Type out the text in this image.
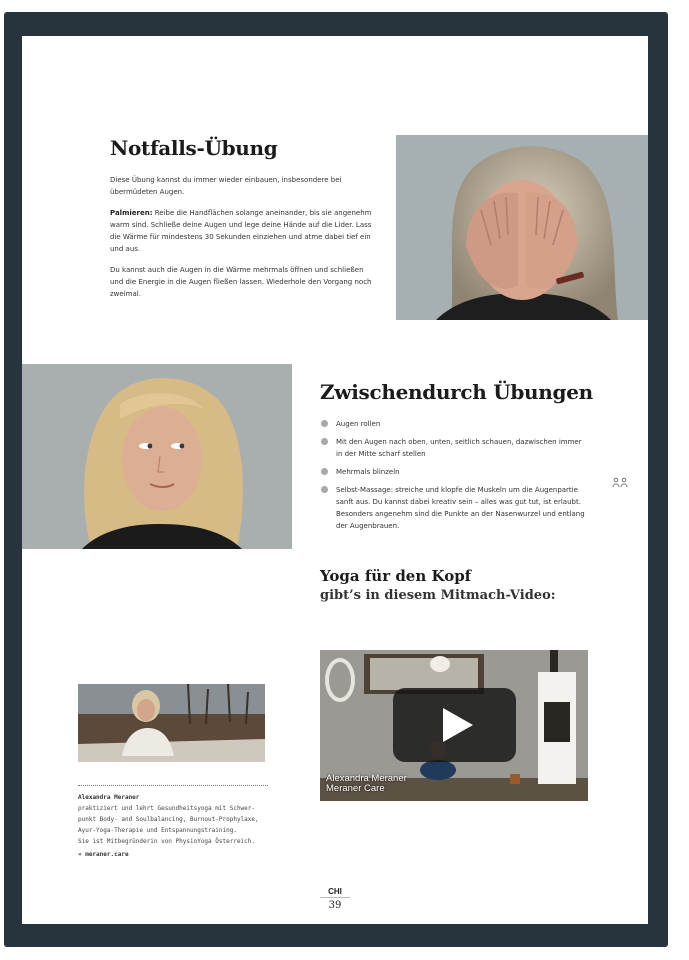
Notfalls-Übung

Diese Übung kannst du immer wieder einbauen, insbesondere bei übermüdeten Augen.

Palmieren: Reibe die Handflächen solange aneinander, bis sie angenehm warm sind. Schließe deine Augen und lege deine Hände auf die Lider. Lass die Wärme für mindestens 30 Sekunden einziehen und atme dabei tief ein und aus.

Du kannst auch die Augen in die Wärme mehrmals öffnen und schließen und die Energie in die Augen fließen lassen. Wiederhole den Vorgang noch zweimal.

Zwischendurch Übungen
Augen rollen
Mit den Augen nach oben, unten, seitlich schauen, dazwischen immer in der Mitte scharf stellen
Mehrmals blinzeln
Selbst-Massage: streiche und klopfe die Muskeln um die Augenpartie sanft aus. Du kannst dabei kreativ sein – alles was gut tut, ist erlaubt. Besonders angenehm sind die Punkte an der Nasenwurzel und entlang der Augenbrauen.
Yoga für den Kopf
gibt’s in diesem Mitmach-Video:
Alexandra Meraner
praktiziert und lehrt Gesundheitsyoga mit Schwer-
punkt Body- and Soulbalancing, Burnout-Prophylaxe,
Ayur-Yoga-Therapie und Entspannungstraining.
Sie ist Mitbegründerin von PhysioYoga Österreich.
» meraner.care
Alexandra Meraner
Meraner Care
CHI
39
